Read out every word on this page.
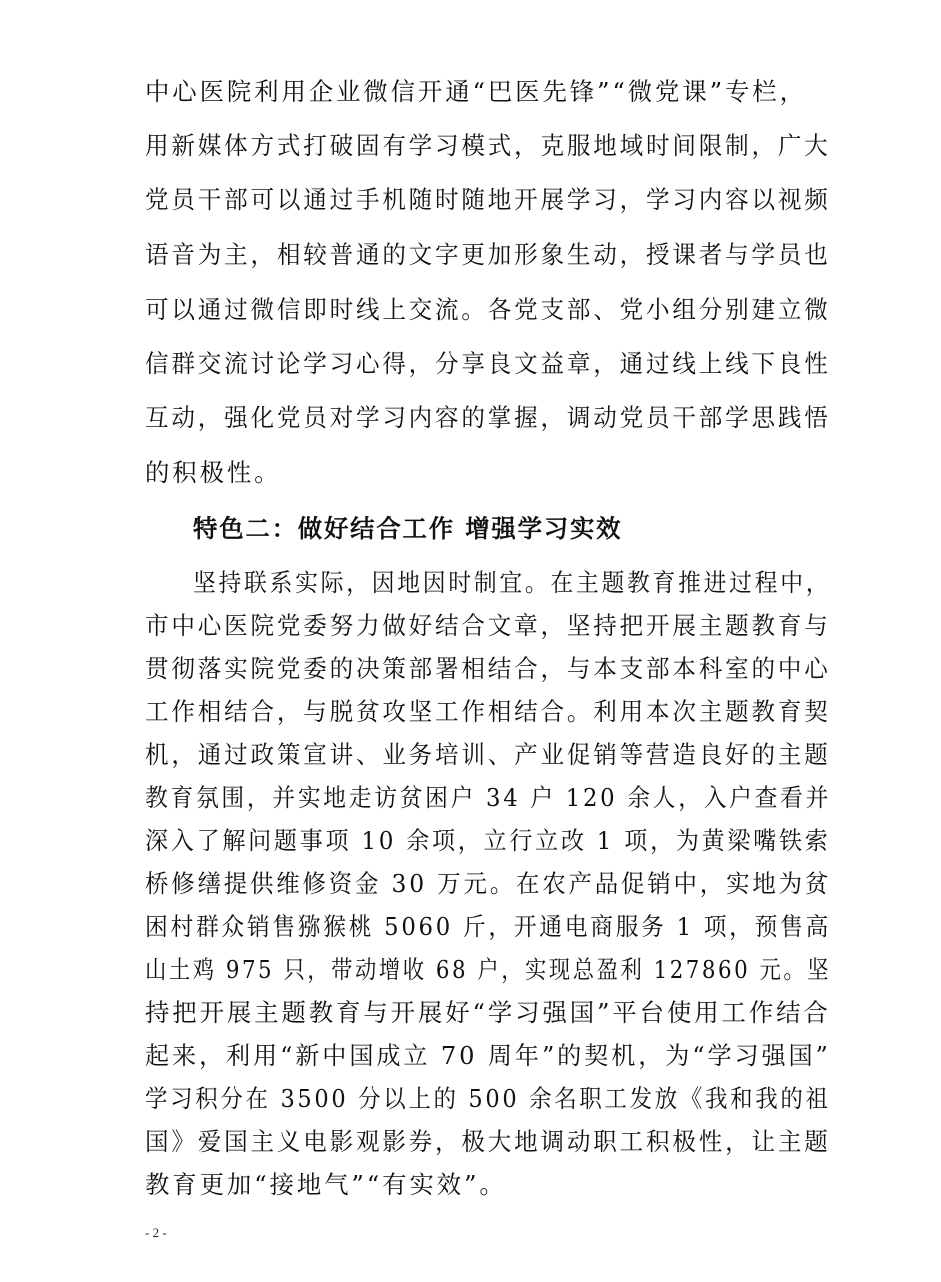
中心医院利用企业微信开通“巴医先锋”“微党课”专栏，
用新媒体方式打破固有学习模式，克服地域时间限制，广大
党员干部可以通过手机随时随地开展学习，学习内容以视频
语音为主，相较普通的文字更加形象生动，授课者与学员也
可以通过微信即时线上交流。各党支部、党小组分别建立微
信群交流讨论学习心得，分享良文益章，通过线上线下良性
互动，强化党员对学习内容的掌握，调动党员干部学思践悟
的积极性。
特色二：做好结合工作 增强学习实效
坚持联系实际，因地因时制宜。在主题教育推进过程中，
市中心医院党委努力做好结合文章，坚持把开展主题教育与
贯彻落实院党委的决策部署相结合，与本支部本科室的中心
工作相结合，与脱贫攻坚工作相结合。利用本次主题教育契
机，通过政策宣讲、业务培训、产业促销等营造良好的主题
教育氛围，并实地走访贫困户 34 户 120 余人，入户查看并
深入了解问题事项 10 余项，立行立改 1 项，为黄梁嘴铁索
桥修缮提供维修资金 30 万元。在农产品促销中，实地为贫
困村群众销售猕猴桃 5060 斤，开通电商服务 1 项，预售高
山土鸡 975 只，带动增收 68 户，实现总盈利 127860 元。坚
持把开展主题教育与开展好“学习强国”平台使用工作结合
起来，利用“新中国成立 70 周年”的契机，为“学习强国”
学习积分在 3500 分以上的 500 余名职工发放《我和我的祖
国》爱国主义电影观影券，极大地调动职工积极性，让主题
教育更加“接地气”“有实效”。
- 2 -
